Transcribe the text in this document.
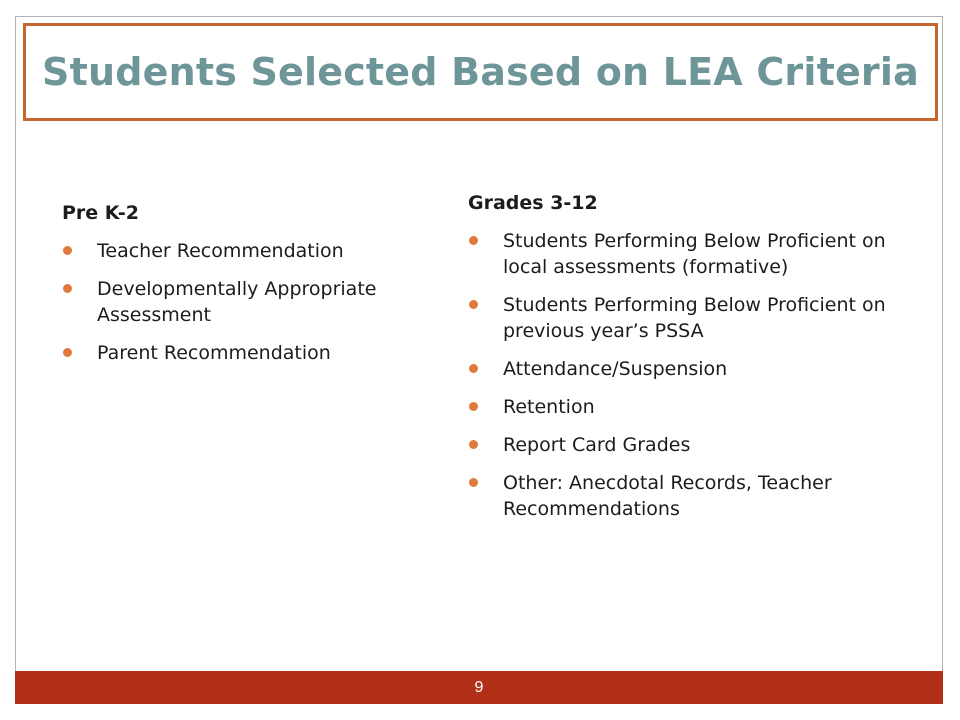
Students Selected Based on LEA Criteria
Pre K-2
Teacher Recommendation
Developmentally Appropriate Assessment
Parent Recommendation
Grades 3-12
Students Performing Below Proficient on local assessments (formative)
Students Performing Below Proficient on previous year’s PSSA
Attendance/Suspension
Retention
Report Card Grades
Other: Anecdotal Records, Teacher Recommendations
9
